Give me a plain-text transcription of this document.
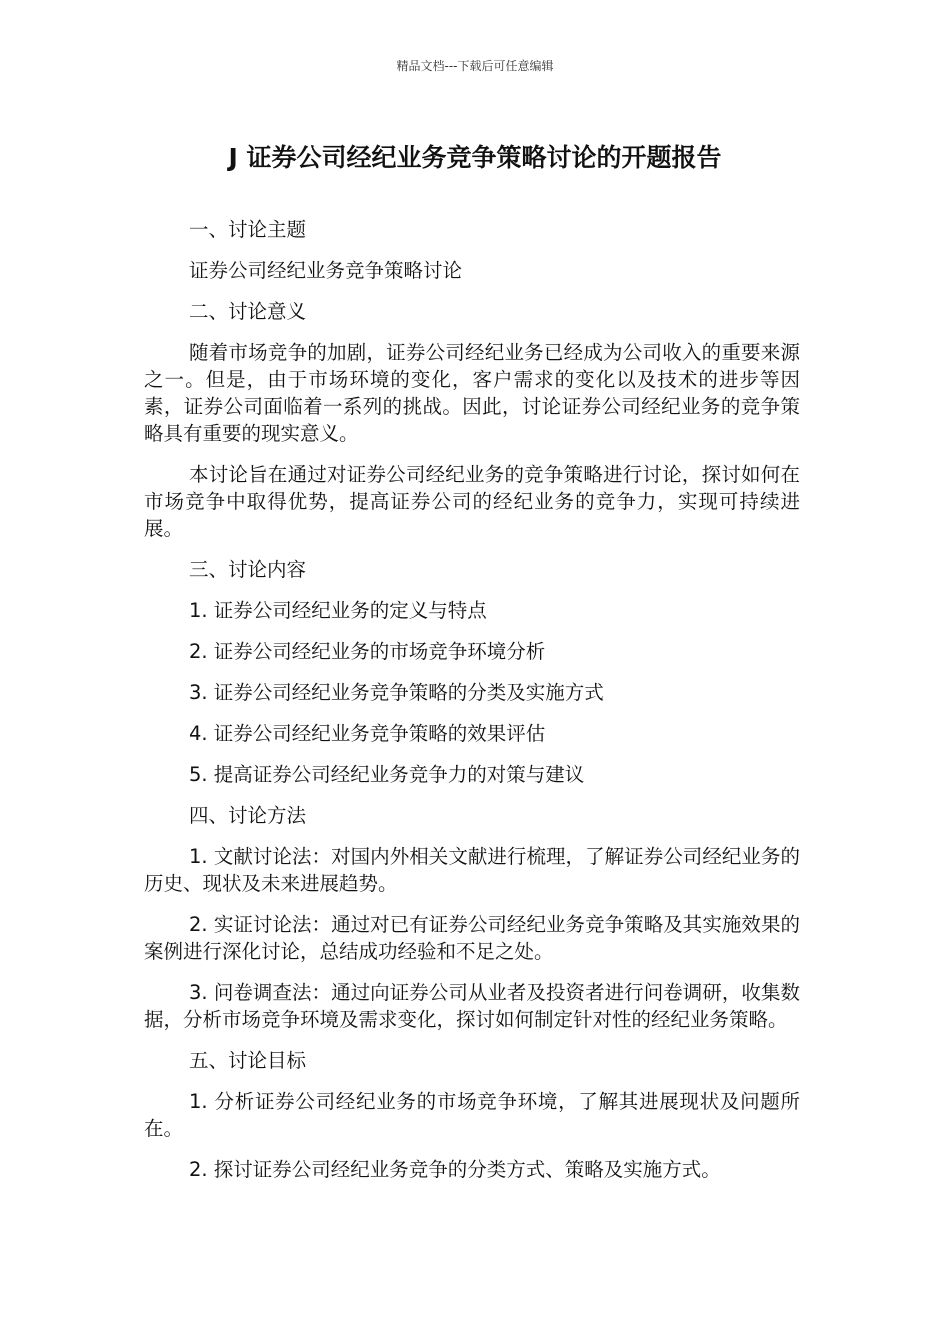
精品文档---下载后可任意编辑
J 证券公司经纪业务竞争策略讨论的开题报告

一、讨论主题

证券公司经纪业务竞争策略讨论

二、讨论意义

随着市场竞争的加剧，证券公司经纪业务已经成为公司收入的重要来源之一。但是，由于市场环境的变化，客户需求的变化以及技术的进步等因素，证券公司面临着一系列的挑战。因此，讨论证券公司经纪业务的竞争策略具有重要的现实意义。

本讨论旨在通过对证券公司经纪业务的竞争策略进行讨论，探讨如何在市场竞争中取得优势，提高证券公司的经纪业务的竞争力，实现可持续进展。

三、讨论内容

1. 证券公司经纪业务的定义与特点

2. 证券公司经纪业务的市场竞争环境分析

3. 证券公司经纪业务竞争策略的分类及实施方式

4. 证券公司经纪业务竞争策略的效果评估

5. 提高证券公司经纪业务竞争力的对策与建议

四、讨论方法

1. 文献讨论法：对国内外相关文献进行梳理，了解证券公司经纪业务的历史、现状及未来进展趋势。

2. 实证讨论法：通过对已有证券公司经纪业务竞争策略及其实施效果的案例进行深化讨论，总结成功经验和不足之处。

3. 问卷调查法：通过向证券公司从业者及投资者进行问卷调研，收集数据，分析市场竞争环境及需求变化，探讨如何制定针对性的经纪业务策略。

五、讨论目标

1. 分析证券公司经纪业务的市场竞争环境，了解其进展现状及问题所在。

2. 探讨证券公司经纪业务竞争的分类方式、策略及实施方式。
